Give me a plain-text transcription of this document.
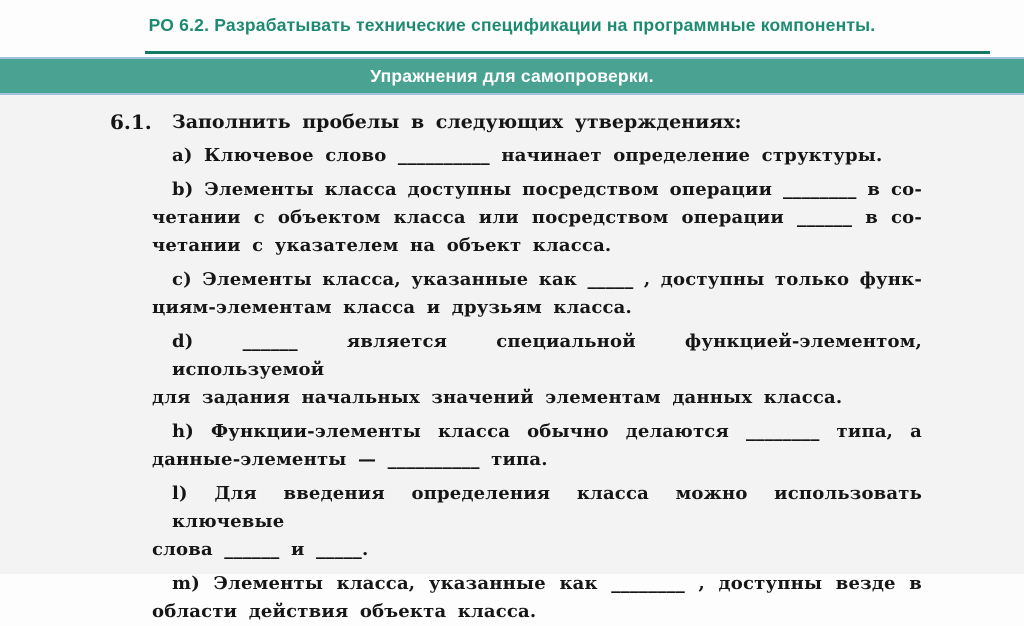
РО 6.2. Разрабатывать технические спецификации на программные компоненты.
Упражнения для самопроверки.
6.1.	Заполнить пробелы в следующих утверждениях:
a) Ключевое слово __________ начинает определение структуры.
b) Элементы класса доступны посредством операции ________ в со-
четании с объектом класса или посредством операции ______ в со-
четании с указателем на объект класса.
c) Элементы класса, указанные как _____ , доступны только функ-
циям-элементам класса и друзьям класса.
d) ______ является специальной функцией-элементом, используемой
для задания начальных значений элементам данных класса.
h) Функции-элементы класса обычно делаются ________ типа, а
данные-элементы — __________ типа.
l) Для введения определения класса можно использовать ключевые
слова ______ и _____.
m) Элементы класса, указанные как ________ , доступны везде в
области действия объекта класса.
